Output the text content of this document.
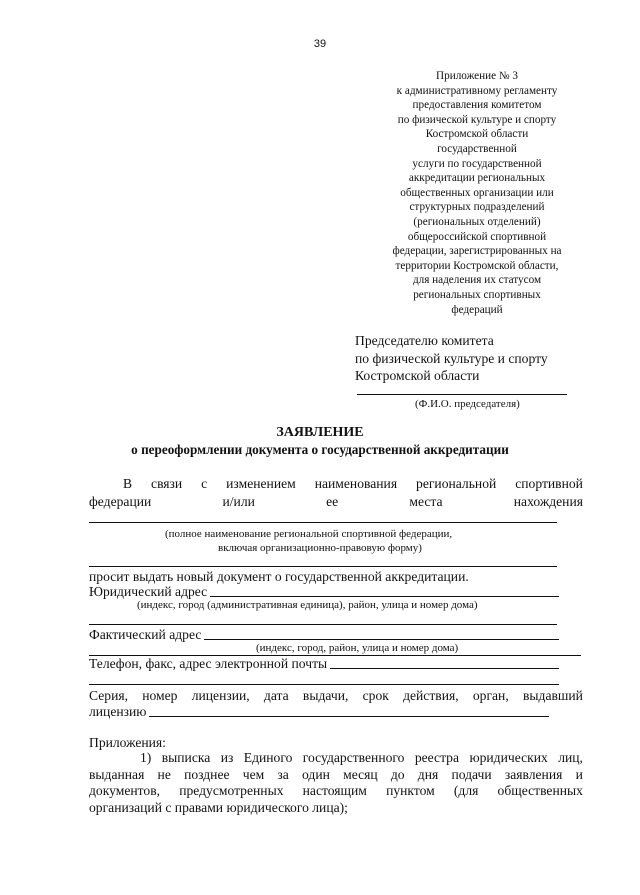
39
Приложение № 3
к административному регламенту
предоставления комитетом
по физической культуре и спорту
Костромской области
государственной
услуги по государственной
аккредитации региональных
общественных организации или
структурных подразделений
(региональных отделений)
общероссийской спортивной
федерации, зарегистрированных на
территории Костромской области,
для наделения их статусом
региональных спортивных
федераций
Председателю комитета
по физической культуре и спорту
Костромской области
(Ф.И.О. председателя)
ЗАЯВЛЕНИЕ
о переоформлении документа о государственной аккредитации
В связи с изменением наименования региональной спортивной
федерации	и/или	ее	места	нахождения
(полное наименование региональной спортивной федерации,
включая организационно-правовую форму)
просит выдать новый документ о государственной аккредитации.
Юридический адрес
(индекс, город (административная единица), район, улица и номер дома)
Фактический адрес
(индекс, город, район, улица и номер дома)
Телефон, факс, адрес электронной почты
Серия, номер лицензии, дата выдачи, срок действия, орган, выдавший
лицензию
Приложения:
1) выписка из Единого государственного реестра юридических лиц,
выданная не позднее чем за один месяц до дня подачи заявления и
документов, предусмотренных настоящим пунктом (для общественных
организаций с правами юридического лица);
